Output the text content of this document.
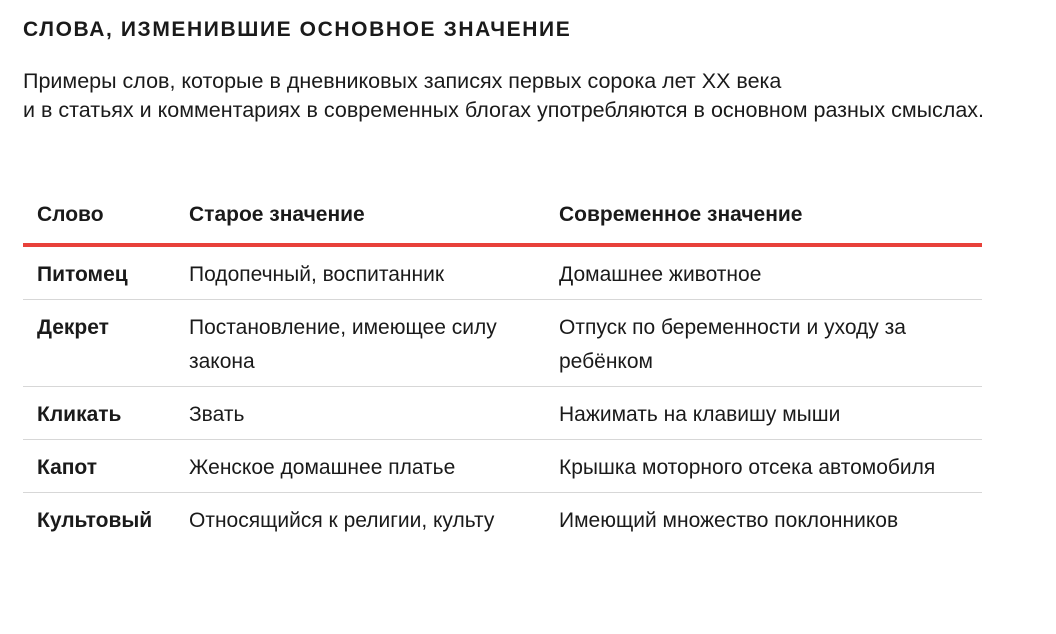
СЛОВА, ИЗМЕНИВШИЕ ОСНОВНОЕ ЗНАЧЕНИЕ
Примеры слов, которые в дневниковых записях первых сорока лет XX века
и в статьях и комментариях в современных блогах употребляются в основном разных смыслах.
Слово	Старое значение	Современное значение
Питомец	Подопечный, воспитанник	Домашнее животное
Декрет	Постановление, имеющее силу закона	Отпуск по беременности и уходу за ребёнком
Кликать	Звать	Нажимать на клавишу мыши
Капот	Женское домашнее платье	Крышка моторного отсека автомобиля
Культовый	Относящийся к религии, культу	Имеющий множество поклонников
